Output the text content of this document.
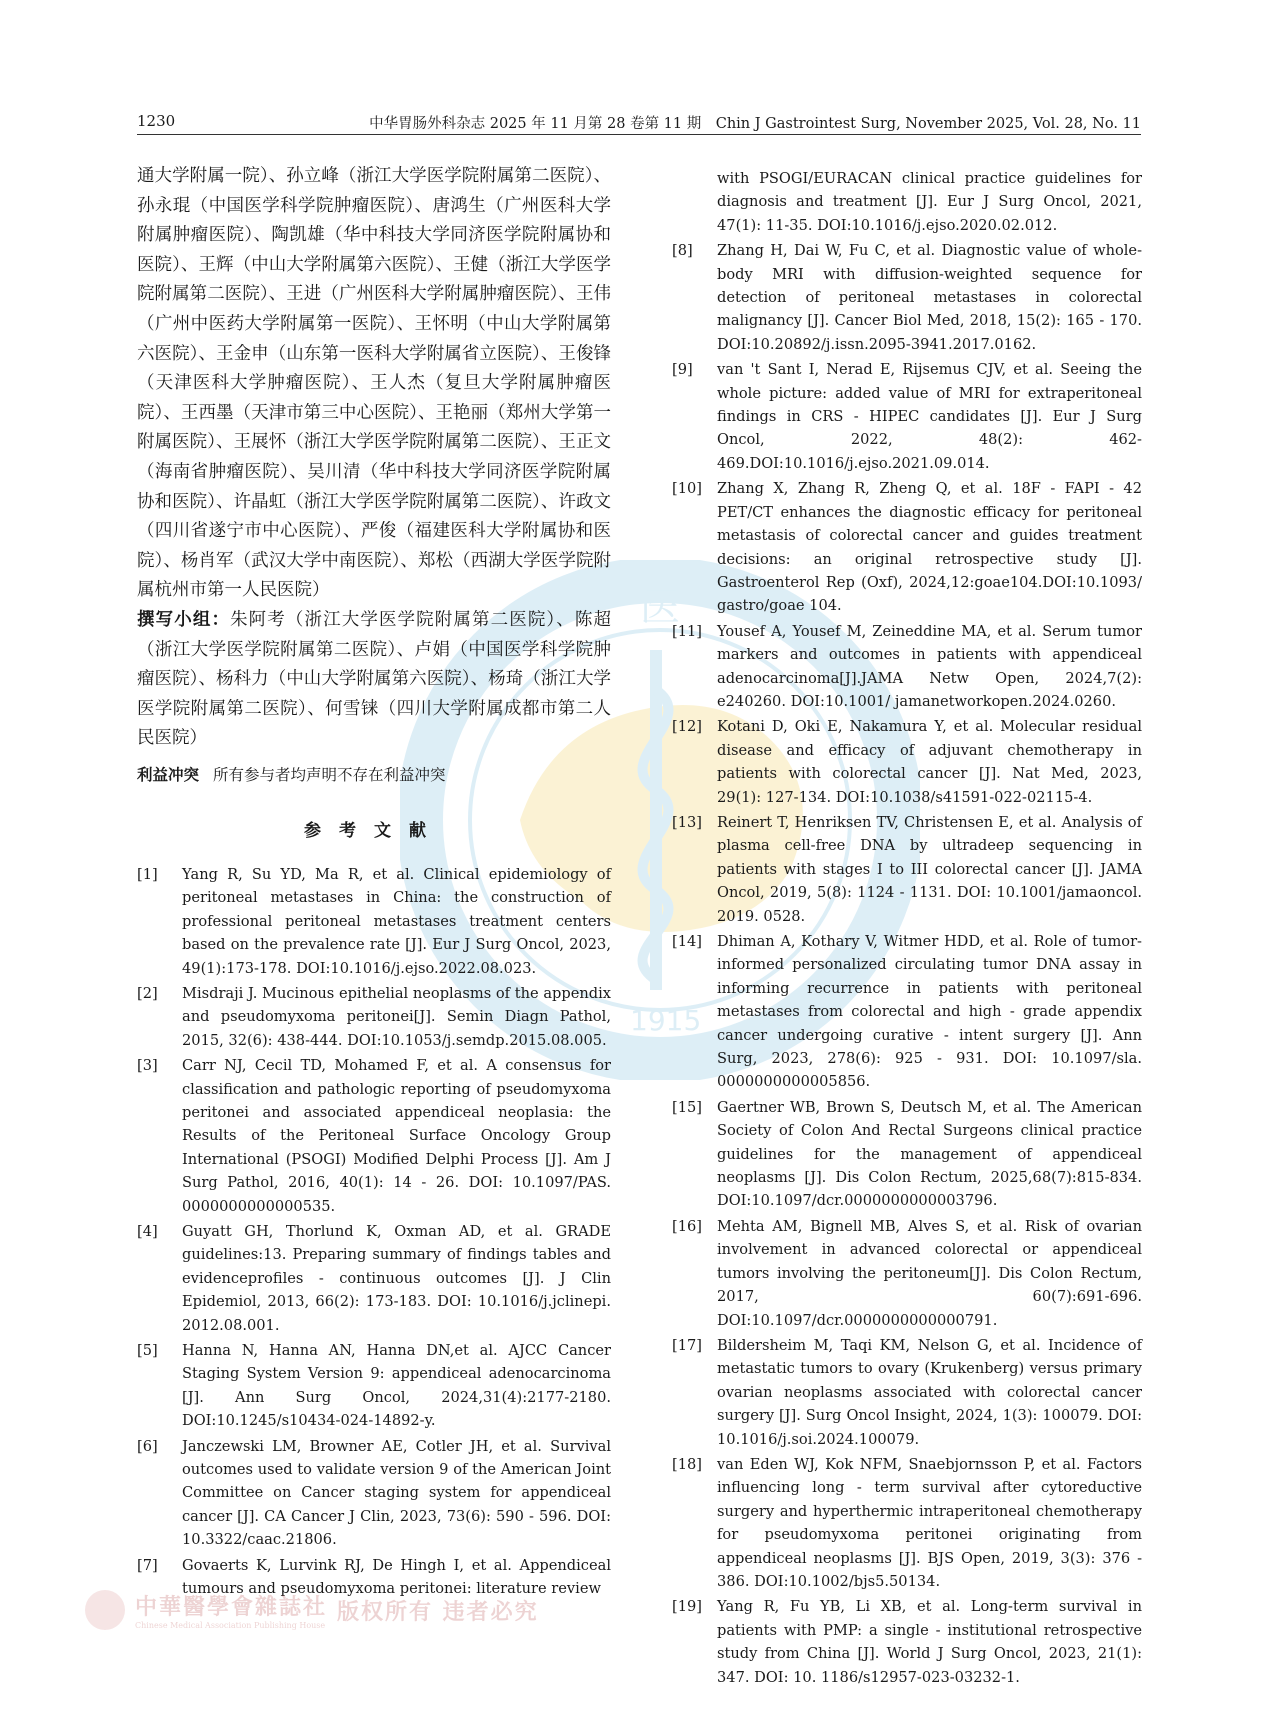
医
1915
1230	中华胃肠外科杂志 2025 年 11 月第 28 卷第 11 期　Chin J Gastrointest Surg, November 2025, Vol. 28, No. 11

通大学附属一院）、孙立峰（浙江大学医学院附属第二医院）、孙永琨（中国医学科学院肿瘤医院）、唐鸿生（广州医科大学附属肿瘤医院）、陶凯雄（华中科技大学同济医学院附属协和医院）、王辉（中山大学附属第六医院）、王健（浙江大学医学院附属第二医院）、王进（广州医科大学附属肿瘤医院）、王伟（广州中医药大学附属第一医院）、王怀明（中山大学附属第六医院）、王金申（山东第一医科大学附属省立医院）、王俊锋（天津医科大学肿瘤医院）、王人杰（复旦大学附属肿瘤医院）、王西墨（天津市第三中心医院）、王艳丽（郑州大学第一附属医院）、王展怀（浙江大学医学院附属第二医院）、王正文（海南省肿瘤医院）、吴川清（华中科技大学同济医学院附属协和医院）、许晶虹（浙江大学医学院附属第二医院）、许政文（四川省遂宁市中心医院）、严俊（福建医科大学附属协和医院）、杨肖军（武汉大学中南医院）、郑松（西湖大学医学院附属杭州市第一人民医院）

撰写小组：朱阿考（浙江大学医学院附属第二医院）、陈超（浙江大学医学院附属第二医院）、卢娟（中国医学科学院肿瘤医院）、杨科力（中山大学附属第六医院）、杨琦（浙江大学医学院附属第二医院）、何雪铼（四川大学附属成都市第二人民医院）

利益冲突 所有参与者均声明不存在利益冲突
参考文献
[1] Yang R, Su YD, Ma R, et al. Clinical epidemiology of peritoneal metastases in China: the construction of professional peritoneal metastases treatment centers based on the prevalence rate [J]. Eur J Surg Oncol, 2023, 49(1):173-178. DOI:10.1016/j.ejso.2022.08.023.
[2] Misdraji J. Mucinous epithelial neoplasms of the appendix and pseudomyxoma peritonei[J]. Semin Diagn Pathol, 2015, 32(6): 438-444. DOI:10.1053/j.semdp.2015.08.005.
[3] Carr NJ, Cecil TD, Mohamed F, et al. A consensus for classification and pathologic reporting of pseudomyxoma peritonei and associated appendiceal neoplasia: the Results of the Peritoneal Surface Oncology Group International (PSOGI) Modified Delphi Process [J]. Am J Surg Pathol, 2016, 40(1): 14 - 26. DOI: 10.1097/PAS. 0000000000000535.
[4] Guyatt GH, Thorlund K, Oxman AD, et al. GRADE guidelines:13. Preparing summary of findings tables and evidenceprofiles - continuous outcomes [J]. J Clin Epidemiol, 2013, 66(2): 173-183. DOI: 10.1016/j.jclinepi. 2012.08.001.
[5] Hanna N, Hanna AN, Hanna DN,et al. AJCC Cancer Staging System Version 9: appendiceal adenocarcinoma [J]. Ann Surg Oncol, 2024,31(4):2177-2180. DOI:10.1245/s10434-024-14892-y.
[6] Janczewski LM, Browner AE, Cotler JH, et al. Survival outcomes used to validate version 9 of the American Joint Committee on Cancer staging system for appendiceal cancer [J]. CA Cancer J Clin, 2023, 73(6): 590 - 596. DOI: 10.3322/caac.21806.
[7] Govaerts K, Lurvink RJ, De Hingh I, et al. Appendiceal tumours and pseudomyxoma peritonei: literature review
with PSOGI/EURACAN clinical practice guidelines for diagnosis and treatment [J]. Eur J Surg Oncol, 2021, 47(1): 11-35. DOI:10.1016/j.ejso.2020.02.012.
[8] Zhang H, Dai W, Fu C, et al. Diagnostic value of whole-body MRI with diffusion-weighted sequence for detection of peritoneal metastases in colorectal malignancy [J]. Cancer Biol Med, 2018, 15(2): 165 - 170. DOI:10.20892/j.issn.2095-3941.2017.0162.
[9] van 't Sant I, Nerad E, Rijsemus CJV, et al. Seeing the whole picture: added value of MRI for extraperitoneal findings in CRS - HIPEC candidates [J]. Eur J Surg Oncol, 2022, 48(2): 462-469.DOI:10.1016/j.ejso.2021.09.014.
[10] Zhang X, Zhang R, Zheng Q, et al. 18F - FAPI - 42 PET/CT enhances the diagnostic efficacy for peritoneal metastasis of colorectal cancer and guides treatment decisions: an original retrospective study [J]. Gastroenterol Rep (Oxf), 2024,12:goae104.DOI:10.1093/ gastro/goae 104.
[11] Yousef A, Yousef M, Zeineddine MA, et al. Serum tumor markers and outcomes in patients with appendiceal adenocarcinoma[J].JAMA Netw Open, 2024,7(2): e240260. DOI:10.1001/ jamanetworkopen.2024.0260.
[12] Kotani D, Oki E, Nakamura Y, et al. Molecular residual disease and efficacy of adjuvant chemotherapy in patients with colorectal cancer [J]. Nat Med, 2023, 29(1): 127-134. DOI:10.1038/s41591-022-02115-4.
[13] Reinert T, Henriksen TV, Christensen E, et al. Analysis of plasma cell-free DNA by ultradeep sequencing in patients with stages I to III colorectal cancer [J]. JAMA Oncol, 2019, 5(8): 1124 - 1131. DOI: 10.1001/jamaoncol. 2019. 0528.
[14] Dhiman A, Kothary V, Witmer HDD, et al. Role of tumor-informed personalized circulating tumor DNA assay in informing recurrence in patients with peritoneal metastases from colorectal and high - grade appendix cancer undergoing curative - intent surgery [J]. Ann Surg, 2023, 278(6): 925 - 931. DOI: 10.1097/sla. 0000000000005856.
[15] Gaertner WB, Brown S, Deutsch M, et al. The American Society of Colon And Rectal Surgeons clinical practice guidelines for the management of appendiceal neoplasms [J]. Dis Colon Rectum, 2025,68(7):815-834. DOI:10.1097/dcr.0000000000003796.
[16] Mehta AM, Bignell MB, Alves S, et al. Risk of ovarian involvement in advanced colorectal or appendiceal tumors involving the peritoneum[J]. Dis Colon Rectum, 2017, 60(7):691-696. DOI:10.1097/dcr.0000000000000791.
[17] Bildersheim M, Taqi KM, Nelson G, et al. Incidence of metastatic tumors to ovary (Krukenberg) versus primary ovarian neoplasms associated with colorectal cancer surgery [J]. Surg Oncol Insight, 2024, 1(3): 100079. DOI: 10.1016/j.soi.2024.100079.
[18] van Eden WJ, Kok NFM, Snaebjornsson P, et al. Factors influencing long - term survival after cytoreductive surgery and hyperthermic intraperitoneal chemotherapy for pseudomyxoma peritonei originating from appendiceal neoplasms [J]. BJS Open, 2019, 3(3): 376 - 386. DOI:10.1002/bjs5.50134.
[19] Yang R, Fu YB, Li XB, et al. Long-term survival in patients with PMP: a single - institutional retrospective study from China [J]. World J Surg Oncol, 2023, 21(1): 347. DOI: 10. 1186/s12957-023-03232-1.
中華醫學會雜誌社
Chinese Medical Association Publishing House
版权所有 违者必究
